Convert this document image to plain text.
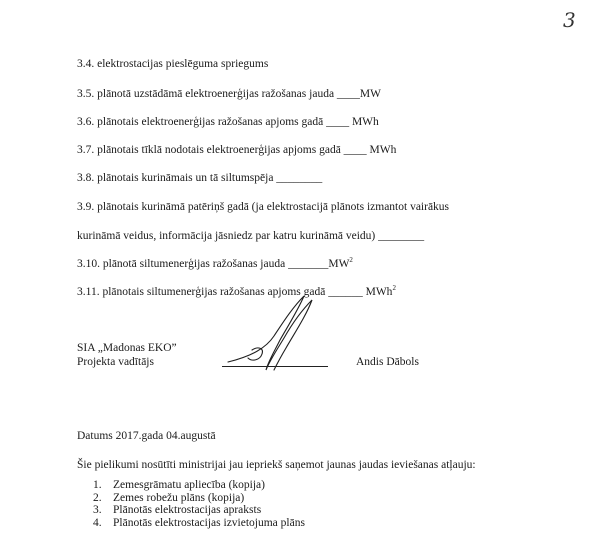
3
3.4. elektrostacijas pieslēguma spriegums
3.5. plānotā uzstādāmā elektroenerģijas ražošanas jauda ____MW
3.6. plānotais elektroenerģijas ražošanas apjoms gadā ____ MWh
3.7. plānotais tīklā nodotais elektroenerģijas apjoms gadā ____ MWh
3.8. plānotais kurināmais un tā siltumspēja ________
3.9. plānotais kurināmā patēriņš gadā (ja elektrostacijā plānots izmantot vairākus
kurināmā veidus, informācija jāsniedz par katru kurināmā veidu) ________
3.10. plānotā siltumenerģijas ražošanas jauda $\_\_\_\_\_\_\_MW^2$
3.11. plānotais siltumenerģijas ražošanas apjoms gadā ______ MWh$^2$
SIA „Madonas EKO”
Projekta vadītājs	Andis Dābols
Datums 2017.gada 04.augustā
Šie pielikumi nosūtīti ministrijai jau iepriekš saņemot jaunas jaudas ieviešanas atļauju:
1. Zemesgrāmatu apliecība (kopija)
2. Zemes robežu plāns (kopija)
3. Plānotās elektrostacijas apraksts
4. Plānotās elektrostacijas izvietojuma plāns
